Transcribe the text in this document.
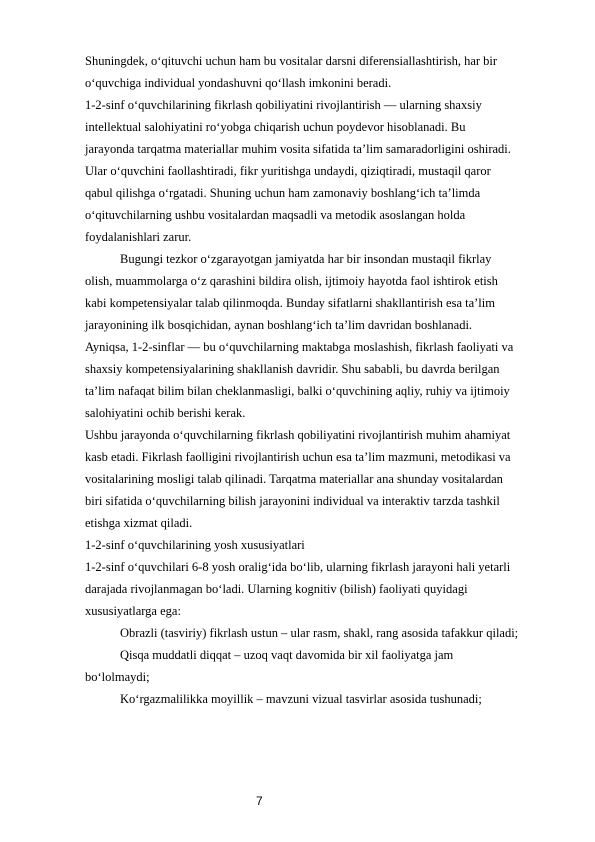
Shuningdek, o‘qituvchi uchun ham bu vositalar darsni diferensiallashtirish, har bir
o‘quvchiga individual yondashuvni qo‘llash imkonini beradi.
1-2-sinf o‘quvchilarining fikrlash qobiliyatini rivojlantirish — ularning shaxsiy
intellektual salohiyatini ro‘yobga chiqarish uchun poydevor hisoblanadi. Bu
jarayonda tarqatma materiallar muhim vosita sifatida ta’lim samaradorligini oshiradi.
Ular o‘quvchini faollashtiradi, fikr yuritishga undaydi, qiziqtiradi, mustaqil qaror
qabul qilishga o‘rgatadi. Shuning uchun ham zamonaviy boshlang‘ich ta’limda
o‘qituvchilarning ushbu vositalardan maqsadli va metodik asoslangan holda
foydalanishlari zarur.
Bugungi tezkor o‘zgarayotgan jamiyatda har bir insondan mustaqil fikrlay
olish, muammolarga o‘z qarashini bildira olish, ijtimoiy hayotda faol ishtirok etish
kabi kompetensiyalar talab qilinmoqda. Bunday sifatlarni shakllantirish esa ta’lim
jarayonining ilk bosqichidan, aynan boshlang‘ich ta’lim davridan boshlanadi.
Ayniqsa, 1-2-sinflar — bu o‘quvchilarning maktabga moslashish, fikrlash faoliyati va
shaxsiy kompetensiyalarining shakllanish davridir. Shu sababli, bu davrda berilgan
ta’lim nafaqat bilim bilan cheklanmasligi, balki o‘quvchining aqliy, ruhiy va ijtimoiy
salohiyatini ochib berishi kerak.
Ushbu jarayonda o‘quvchilarning fikrlash qobiliyatini rivojlantirish muhim ahamiyat
kasb etadi. Fikrlash faolligini rivojlantirish uchun esa ta’lim mazmuni, metodikasi va
vositalarining mosligi talab qilinadi. Tarqatma materiallar ana shunday vositalardan
biri sifatida o‘quvchilarning bilish jarayonini individual va interaktiv tarzda tashkil
etishga xizmat qiladi.
1-2-sinf o‘quvchilarining yosh xususiyatlari
1-2-sinf o‘quvchilari 6-8 yosh oralig‘ida bo‘lib, ularning fikrlash jarayoni hali yetarli
darajada rivojlanmagan bo‘ladi. Ularning kognitiv (bilish) faoliyati quyidagi
xususiyatlarga ega:
Obrazli (tasviriy) fikrlash ustun – ular rasm, shakl, rang asosida tafakkur qiladi;
Qisqa muddatli diqqat – uzoq vaqt davomida bir xil faoliyatga jam
bo‘lolmaydi;
Ko‘rgazmalilikka moyillik – mavzuni vizual tasvirlar asosida tushunadi;
7
